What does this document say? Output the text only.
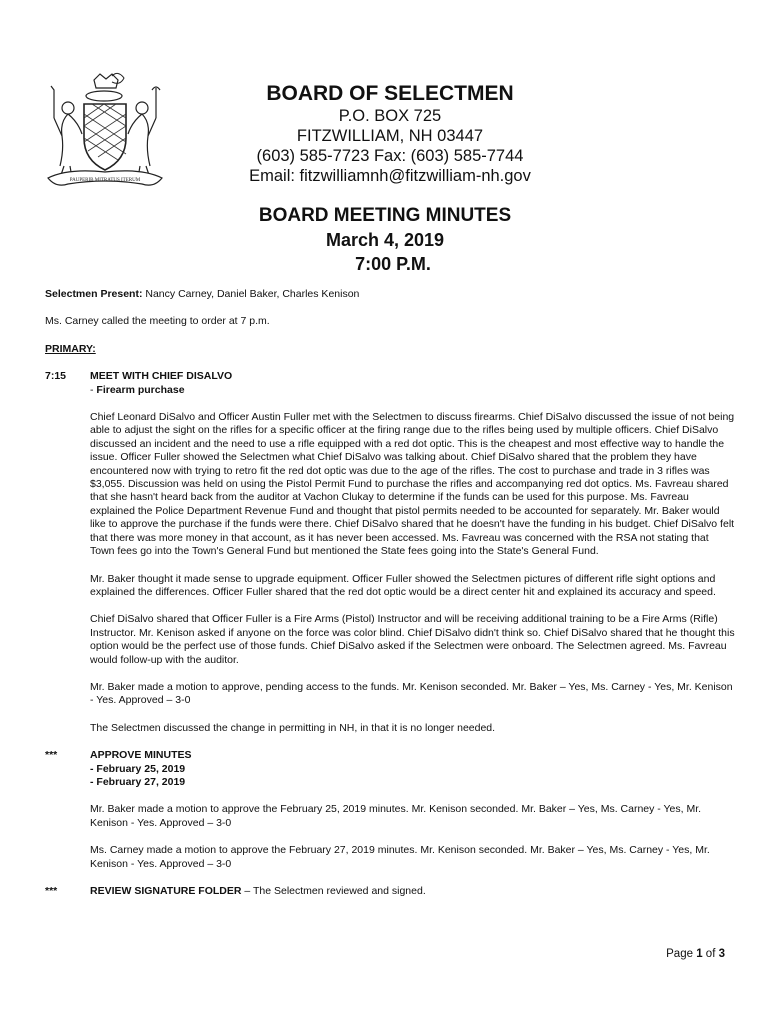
PAUPERIB MITRATUS ITERUM
BOARD OF SELECTMEN
P.O. BOX 725
FITZWILLIAM, NH 03447
(603) 585-7723 Fax: (603) 585-7744
Email: fitzwilliamnh@fitzwilliam-nh.gov
BOARD MEETING MINUTES
March 4, 2019
7:00 P.M.

Selectmen Present: Nancy Carney, Daniel Baker, Charles Kenison

Ms. Carney called the meeting to order at 7 p.m.

PRIMARY:

7:15	MEET WITH CHIEF DISALVO
- Firearm purchase

Chief Leonard DiSalvo and Officer Austin Fuller met with the Selectmen to discuss firearms. Chief DiSalvo discussed the issue of not being able to adjust the sight on the rifles for a specific officer at the firing range due to the rifles being used by multiple officers. Chief DiSalvo discussed an incident and the need to use a rifle equipped with a red dot optic. This is the cheapest and most effective way to handle the issue. Officer Fuller showed the Selectmen what Chief DiSalvo was talking about. Chief DiSalvo shared that the problem they have encountered now with trying to retro fit the red dot optic was due to the age of the rifles. The cost to purchase and trade in 3 rifles was $3,055. Discussion was held on using the Pistol Permit Fund to purchase the rifles and accompanying red dot optics. Ms. Favreau shared that she hasn't heard back from the auditor at Vachon Clukay to determine if the funds can be used for this purpose. Ms. Favreau explained the Police Department Revenue Fund and thought that pistol permits needed to be accounted for separately. Mr. Baker would like to approve the purchase if the funds were there. Chief DiSalvo shared that he doesn't have the funding in his budget. Chief DiSalvo felt that there was more money in that account, as it has never been accessed. Ms. Favreau was concerned with the RSA not stating that Town fees go into the Town's General Fund but mentioned the State fees going into the State's General Fund.

Mr. Baker thought it made sense to upgrade equipment. Officer Fuller showed the Selectmen pictures of different rifle sight options and explained the differences. Officer Fuller shared that the red dot optic would be a direct center hit and explained its accuracy and speed.

Chief DiSalvo shared that Officer Fuller is a Fire Arms (Pistol) Instructor and will be receiving additional training to be a Fire Arms (Rifle) Instructor. Mr. Kenison asked if anyone on the force was color blind. Chief DiSalvo didn't think so. Chief DiSalvo shared that he thought this option would be the perfect use of those funds. Chief DiSalvo asked if the Selectmen were onboard. The Selectmen agreed. Ms. Favreau would follow-up with the auditor.

Mr. Baker made a motion to approve, pending access to the funds. Mr. Kenison seconded. Mr. Baker – Yes, Ms. Carney - Yes, Mr. Kenison - Yes. Approved – 3-0

The Selectmen discussed the change in permitting in NH, in that it is no longer needed.

***	APPROVE MINUTES
- February 25, 2019
- February 27, 2019

Mr. Baker made a motion to approve the February 25, 2019 minutes. Mr. Kenison seconded. Mr. Baker – Yes, Ms. Carney - Yes, Mr. Kenison - Yes. Approved – 3-0

Ms. Carney made a motion to approve the February 27, 2019 minutes. Mr. Kenison seconded. Mr. Baker – Yes, Ms. Carney - Yes, Mr. Kenison - Yes. Approved – 3-0

***	REVIEW SIGNATURE FOLDER – The Selectmen reviewed and signed.
Page 1 of 3
